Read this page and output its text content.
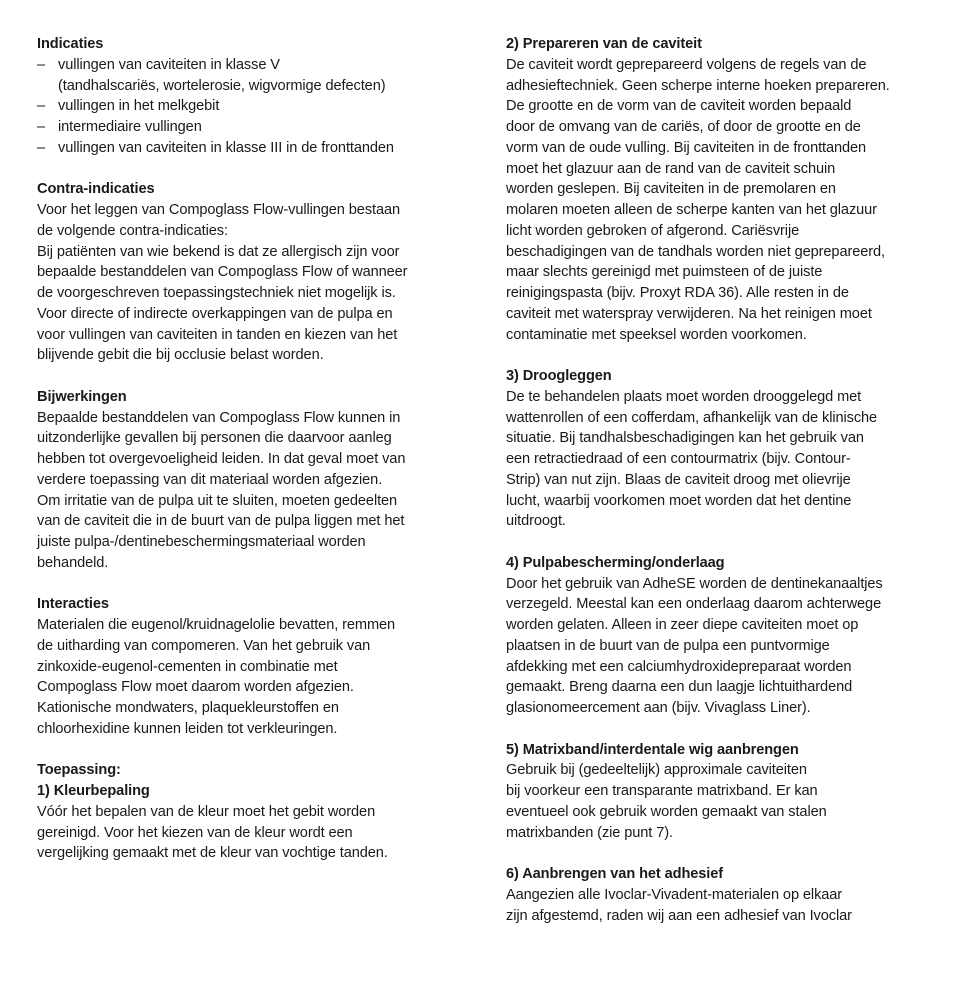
Indicaties

– vullingen van caviteiten in klasse V
(tandhalscariës, wortelerosie, wigvormige defecten)
– vullingen in het melkgebit
– intermediaire vullingen
– vullingen van caviteiten in klasse III in de fronttanden

Contra-indicaties

Voor het leggen van Compoglass Flow-vullingen bestaan
de volgende contra-indicaties:
Bij patiënten van wie bekend is dat ze allergisch zijn voor
bepaalde bestanddelen van Compoglass Flow of wanneer
de voorgeschreven toepassingstechniek niet mogelijk is.
Voor directe of indirecte overkappingen van de pulpa en
voor vullingen van caviteiten in tanden en kiezen van het
blijvende gebit die bij occlusie belast worden.

Bijwerkingen

Bepaalde bestanddelen van Compoglass Flow kunnen in
uitzonderlijke gevallen bij personen die daarvoor aanleg
hebben tot overgevoeligheid leiden. In dat geval moet van
verdere toepassing van dit materiaal worden afgezien.
Om irritatie van de pulpa uit te sluiten, moeten gedeelten
van de caviteit die in de buurt van de pulpa liggen met het
juiste pulpa-/dentinebeschermingsmateriaal worden
behandeld.

Interacties

Materialen die eugenol/kruidnagelolie bevatten, remmen
de uitharding van compomeren. Van het gebruik van
zinkoxide-eugenol-cementen in combinatie met
Compoglass Flow moet daarom worden afgezien.
Kationische mondwaters, plaquekleurstoffen en
chloorhexidine kunnen leiden tot verkleuringen.

Toepassing:

1) Kleurbepaling

Vóór het bepalen van de kleur moet het gebit worden
gereinigd. Voor het kiezen van de kleur wordt een
vergelijking gemaakt met de kleur van vochtige tanden.

2) Prepareren van de caviteit

De caviteit wordt geprepareerd volgens de regels van de
adhesieftechniek. Geen scherpe interne hoeken prepareren.
De grootte en de vorm van de caviteit worden bepaald
door de omvang van de cariës, of door de grootte en de
vorm van de oude vulling. Bij caviteiten in de fronttanden
moet het glazuur aan de rand van de caviteit schuin
worden geslepen. Bij caviteiten in de premolaren en
molaren moeten alleen de scherpe kanten van het glazuur
licht worden gebroken of afgerond. Cariësvrije
beschadigingen van de tandhals worden niet geprepareerd,
maar slechts gereinigd met puimsteen of de juiste
reinigingspasta (bijv. Proxyt RDA 36). Alle resten in de
caviteit met waterspray verwijderen. Na het reinigen moet
contaminatie met speeksel worden voorkomen.

3) Droogleggen

De te behandelen plaats moet worden drooggelegd met
wattenrollen of een cofferdam, afhankelijk van de klinische
situatie. Bij tandhalsbeschadigingen kan het gebruik van
een retractiedraad of een contourmatrix (bijv. Contour-
Strip) van nut zijn. Blaas de caviteit droog met olievrije
lucht, waarbij voorkomen moet worden dat het dentine
uitdroogt.

4) Pulpabescherming/onderlaag

Door het gebruik van AdheSE worden de dentinekanaaltjes
verzegeld. Meestal kan een onderlaag daarom achterwege
worden gelaten. Alleen in zeer diepe caviteiten moet op
plaatsen in de buurt van de pulpa een puntvormige
afdekking met een calciumhydroxidepreparaat worden
gemaakt. Breng daarna een dun laagje lichtuithardend
glasionomeercement aan (bijv. Vivaglass Liner).

5) Matrixband/interdentale wig aanbrengen

Gebruik bij (gedeeltelijk) approximale caviteiten
bij voorkeur een transparante matrixband. Er kan
eventueel ook gebruik worden gemaakt van stalen
matrixbanden (zie punt 7).

6) Aanbrengen van het adhesief

Aangezien alle Ivoclar-Vivadent-materialen op elkaar
zijn afgestemd, raden wij aan een adhesief van Ivoclar
